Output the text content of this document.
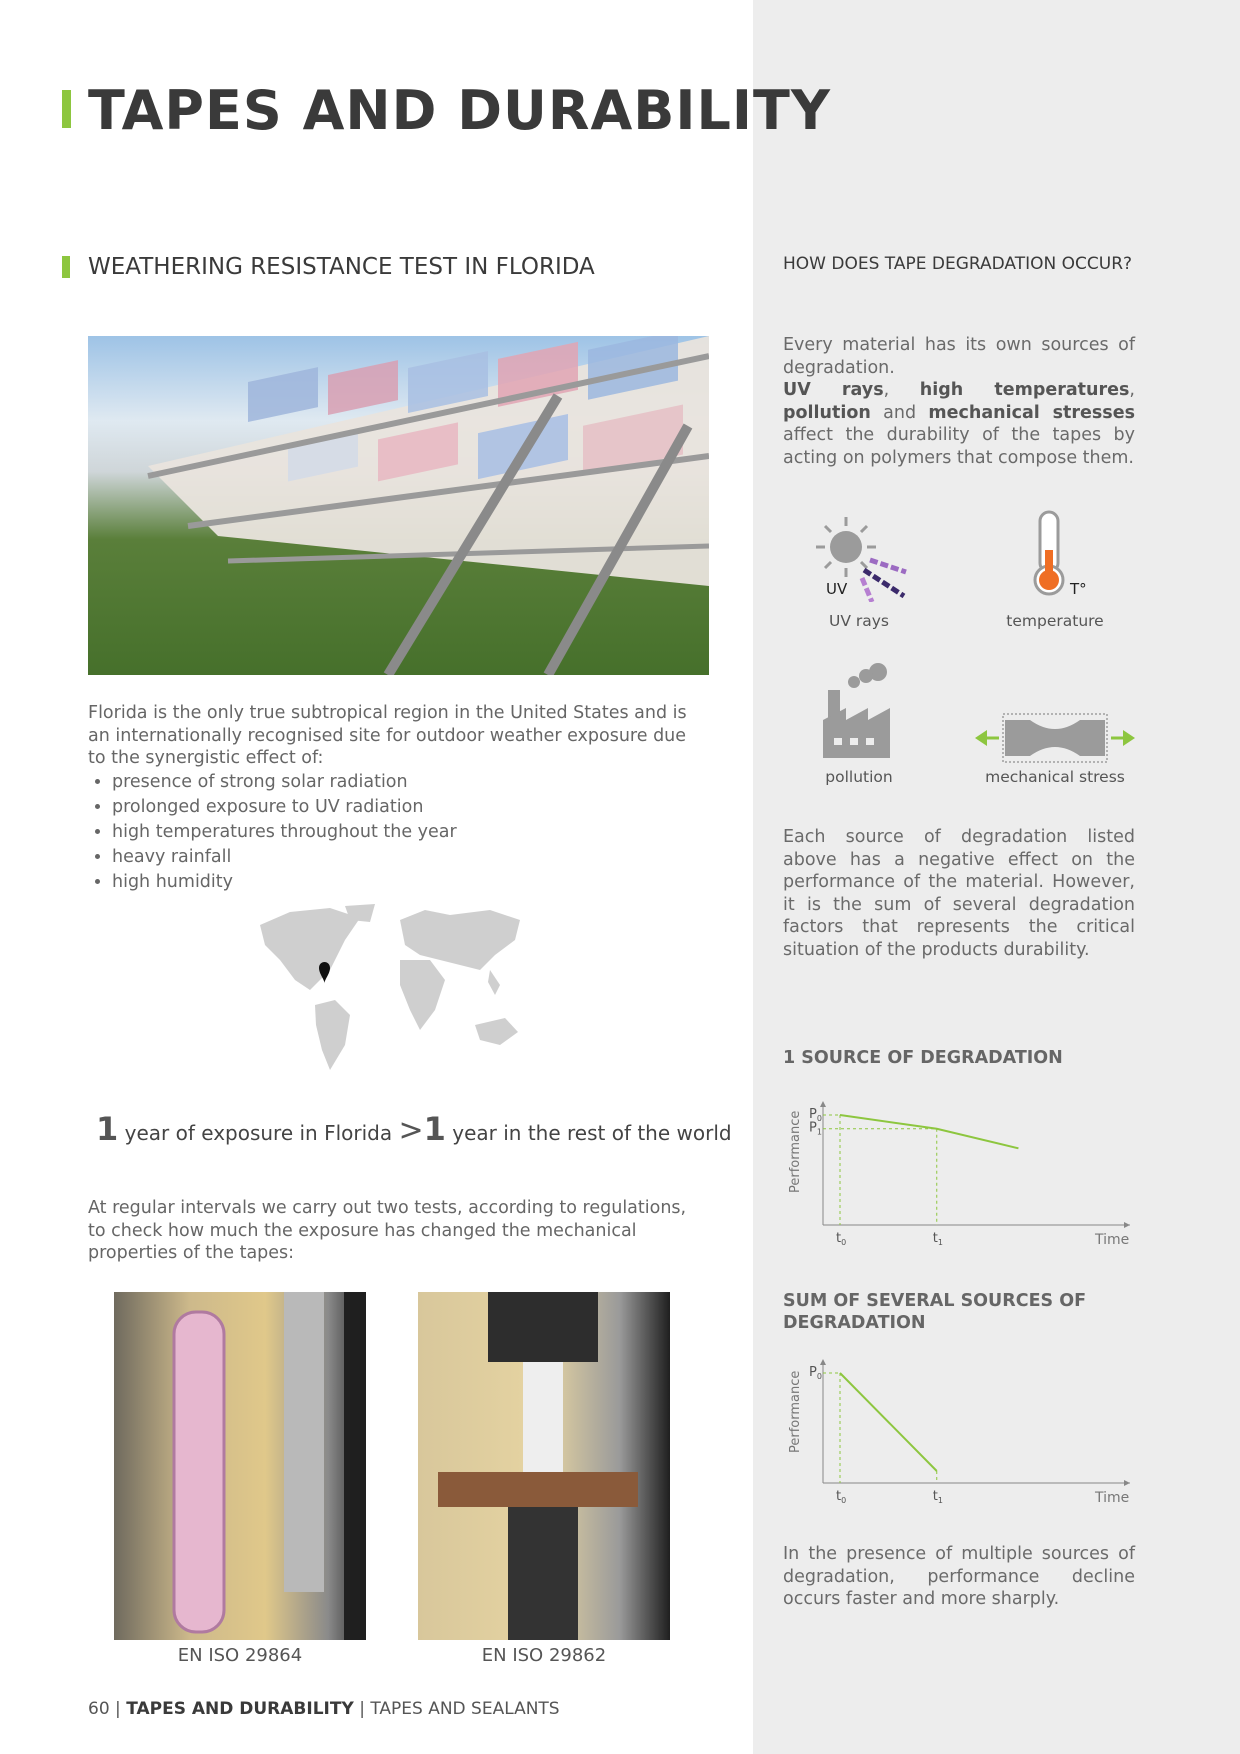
TAPES AND DURABILITY
WEATHERING RESISTANCE TEST IN FLORIDA

Florida is the only true subtropical region in the United States and is an internationally recognised site for outdoor weather exposure due to the synergistic effect of:

• presence of strong solar radiation
• prolonged exposure to UV radiation
• high temperatures throughout the year
• heavy rainfall
• high humidity
1 year of exposure in Florida >1 year in the rest of the world

At regular intervals we carry out two tests, according to regulations, to check how much the exposure has changed the mechanical properties of the tapes:

EN ISO 29864	EN ISO 29862
60 | TAPES AND DURABILITY | TAPES AND SEALANTS
HOW DOES TAPE DEGRADATION OCCUR?
Every material has its own sources of degradation.
UV rays, high temperatures, pollution and mechanical stresses affect the durability of the tapes by acting on polymers that compose them.
UV
UV rays
T°
temperature
pollution	mechanical stress
Each source of degradation listed above has a negative effect on the performance of the material. However, it is the sum of several degradation factors that represents the critical situation of the products durability.
1 SOURCE OF DEGRADATION
Performance
Time
$t_0$	$t_1$
$P_0$
$P_1$
SUM OF SEVERAL SOURCES OF DEGRADATION
Performance
Time
$t_0$	$t_1$
$P_0$
In the presence of multiple sources of degradation, performance decline occurs faster and more sharply.
